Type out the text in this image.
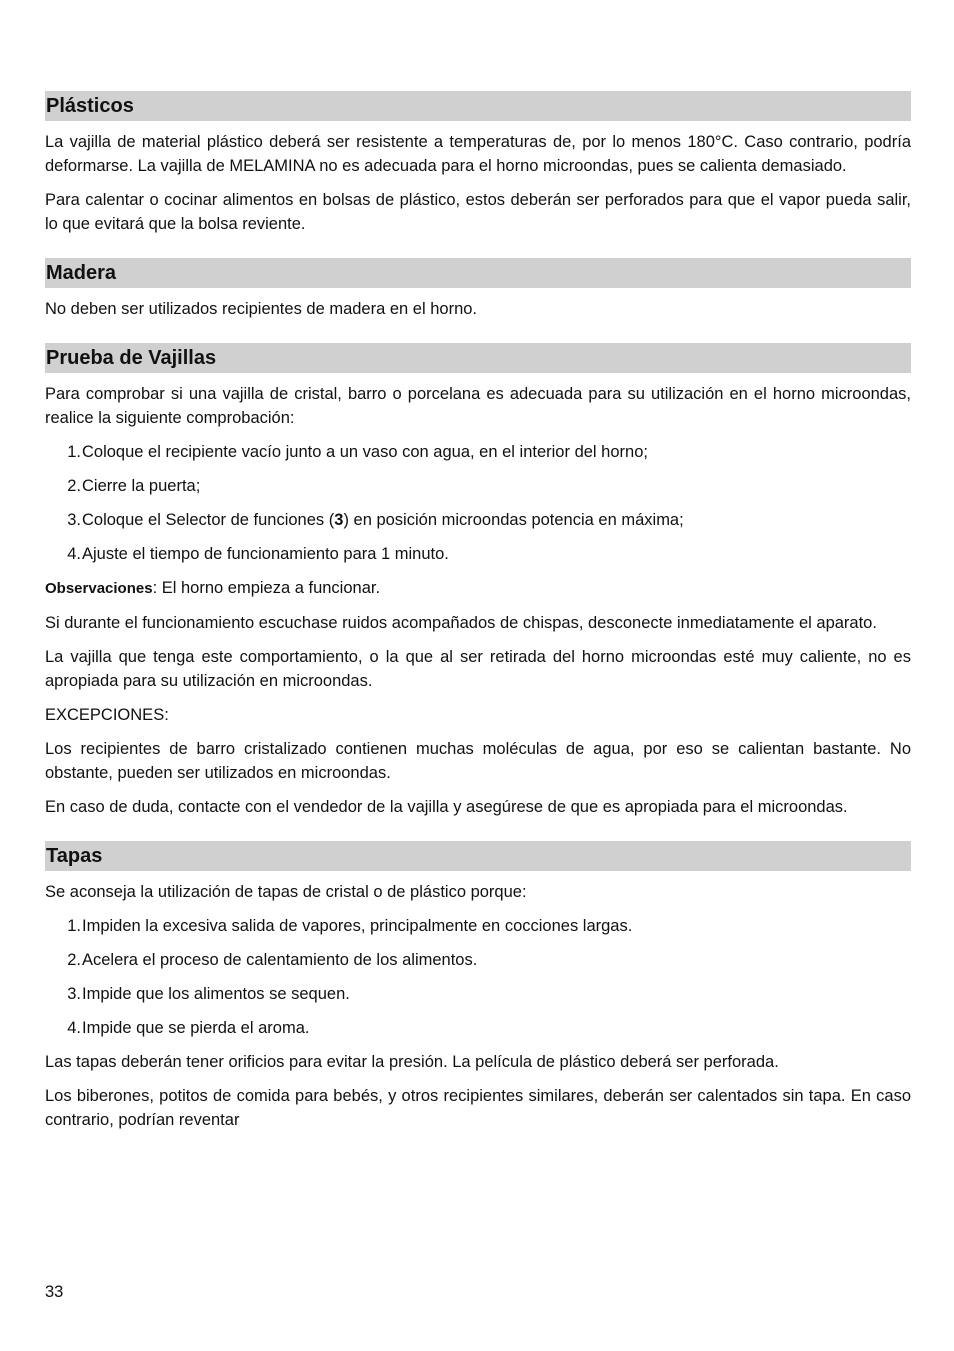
Plásticos

La vajilla de material plástico deberá ser resistente a temperaturas de, por lo menos 180°C. Caso contrario, podría deformarse. La vajilla de MELAMINA no es adecuada para el horno microondas, pues se calienta demasiado.

Para calentar o cocinar alimentos en bolsas de plástico, estos deberán ser perforados para que el vapor pueda salir, lo que evitará que la bolsa reviente.

Madera

No deben ser utilizados recipientes de madera en el horno.

Prueba de Vajillas

Para comprobar si una vajilla de cristal, barro o porcelana es adecuada para su utilización en el horno microondas, realice la siguiente comprobación:

1. Coloque el recipiente vacío junto a un vaso con agua, en el interior del horno;
2. Cierre la puerta;
3. Coloque el Selector de funciones (3) en posición microondas potencia en máxima;
4. Ajuste el tiempo de funcionamiento para 1 minuto.

Observaciones: El horno empieza a funcionar.

Si durante el funcionamiento escuchase ruidos acompañados de chispas, desconecte inmediatamente el aparato.

La vajilla que tenga este comportamiento, o la que al ser retirada del horno microondas esté muy caliente, no es apropiada para su utilización en microondas.

EXCEPCIONES:

Los recipientes de barro cristalizado contienen muchas moléculas de agua, por eso se calientan bastante. No obstante, pueden ser utilizados en microondas.

En caso de duda, contacte con el vendedor de la vajilla y asegúrese de que es apropiada para el microondas.

Tapas

Se aconseja la utilización de tapas de cristal o de plástico porque:

1. Impiden la excesiva salida de vapores, principalmente en cocciones largas.
2. Acelera el proceso de calentamiento de los alimentos.
3. Impide que los alimentos se sequen.
4. Impide que se pierda el aroma.

Las tapas deberán tener orificios para evitar la presión. La película de plástico deberá ser perforada.

Los biberones, potitos de comida para bebés, y otros recipientes similares, deberán ser calentados sin tapa. En caso contrario, podrían reventar

33
